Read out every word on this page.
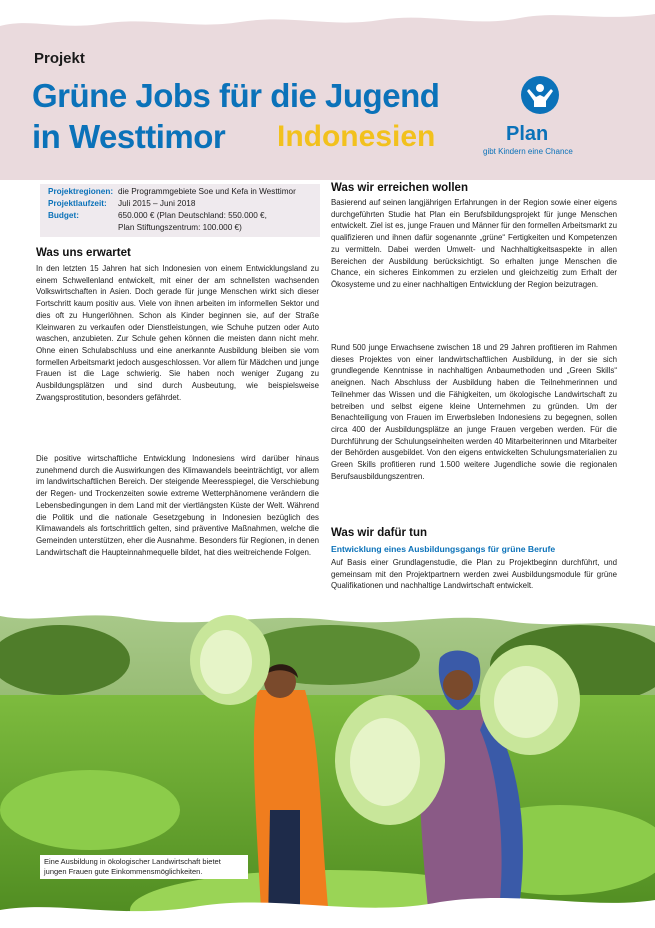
Projekt
Grüne Jobs für die Jugend
in Westtimor Indonesien	Plan
gibt Kindern eine Chance
Projektregionen: die Programmgebiete Soe und Kefa in Westtimor
Projektlaufzeit: Juli 2015 – Juni 2018
Budget:	650.000 € (Plan Deutschland: 550.000 €,
Plan Stiftungszentrum: 100.000 €)
Was uns erwartet
In den letzten 15 Jahren hat sich Indonesien von einem Entwicklungsland zu einem Schwellenland entwickelt, mit einer der am schnellsten wachsenden Volkswirtschaften in Asien. Doch gerade für junge Menschen wirkt sich dieser Fortschritt kaum positiv aus. Viele von ihnen arbeiten im informellen Sektor und dies oft zu Hungerlöhnen. Schon als Kinder beginnen sie, auf der Straße Kleinwaren zu verkaufen oder Dienstleistungen, wie Schuhe putzen oder Auto waschen, anzubieten. Zur Schule gehen können die meisten dann nicht mehr. Ohne einen Schulabschluss und eine anerkannte Ausbildung bleiben sie vom formellen Arbeitsmarkt jedoch ausgeschlossen. Vor allem für Mädchen und junge Frauen ist die Lage schwierig. Sie haben noch weniger Zugang zu Ausbildungsplätzen und sind durch Ausbeutung, wie beispielsweise Zwangsprostitution, besonders gefährdet.
Die positive wirtschaftliche Entwicklung Indonesiens wird darüber hinaus zunehmend durch die Auswirkungen des Klimawandels beeinträchtigt, vor allem im landwirtschaftlichen Bereich. Der steigende Meeresspiegel, die Verschiebung der Regen- und Trockenzeiten sowie extreme Wetterphänomene verändern die Lebensbedingungen in dem Land mit der viertlängsten Küste der Welt. Während die Politik und die nationale Gesetzgebung in Indonesien bezüglich des Klimawandels als fortschrittlich gelten, sind präventive Maßnahmen, welche die Gemeinden unterstützen, eher die Ausnahme. Besonders für Regionen, in denen Landwirtschaft die Haupteinnahmequelle bildet, hat dies weitreichende Folgen.
Was wir erreichen wollen
Basierend auf seinen langjährigen Erfahrungen in der Region sowie einer eigens durchgeführten Studie hat Plan ein Berufsbildungsprojekt für junge Menschen entwickelt. Ziel ist es, junge Frauen und Männer für den formellen Arbeitsmarkt zu qualifizieren und ihnen dafür sogenannte „grüne“ Fertigkeiten und Kompetenzen zu vermitteln. Dabei werden Umwelt- und Nachhaltigkeitsaspekte in allen Bereichen der Ausbildung berücksichtigt. So erhalten junge Menschen die Chance, ein sicheres Einkommen zu erzielen und gleichzeitig zum Erhalt der Ökosysteme und zu einer nachhaltigen Entwicklung der Region beizutragen.
Rund 500 junge Erwachsene zwischen 18 und 29 Jahren profitieren im Rahmen dieses Projektes von einer landwirtschaftlichen Ausbildung, in der sie sich grundlegende Kenntnisse in nachhaltigen Anbaumethoden und „Green Skills“ aneignen. Nach Abschluss der Ausbildung haben die Teilnehmerinnen und Teilnehmer das Wissen und die Fähigkeiten, um ökologische Landwirtschaft zu betreiben und selbst eigene kleine Unternehmen zu gründen. Um der Benachteiligung von Frauen im Erwerbsleben Indonesiens zu begegnen, sollen circa 400 der Ausbildungsplätze an junge Frauen vergeben werden. Für die Durchführung der Schulungseinheiten werden 40 Mitarbeiterinnen und Mitarbeiter der Behörden ausgebildet. Von den eigens entwickelten Schulungsmaterialien zu Green Skills profitieren rund 1.500 weitere Jugendliche sowie die regionalen Berufsausbildungszentren.
Was wir dafür tun
Entwicklung eines Ausbildungsgangs für grüne Berufe
Auf Basis einer Grundlagenstudie, die Plan zu Projektbeginn durchführt, und gemeinsam mit den Projektpartnern werden zwei Ausbildungsmodule für grüne Qualifikationen und nachhaltige Landwirtschaft entwickelt.
Eine Ausbildung in ökologischer Landwirtschaft bietet jungen Frauen gute Einkommensmöglichkeiten.
